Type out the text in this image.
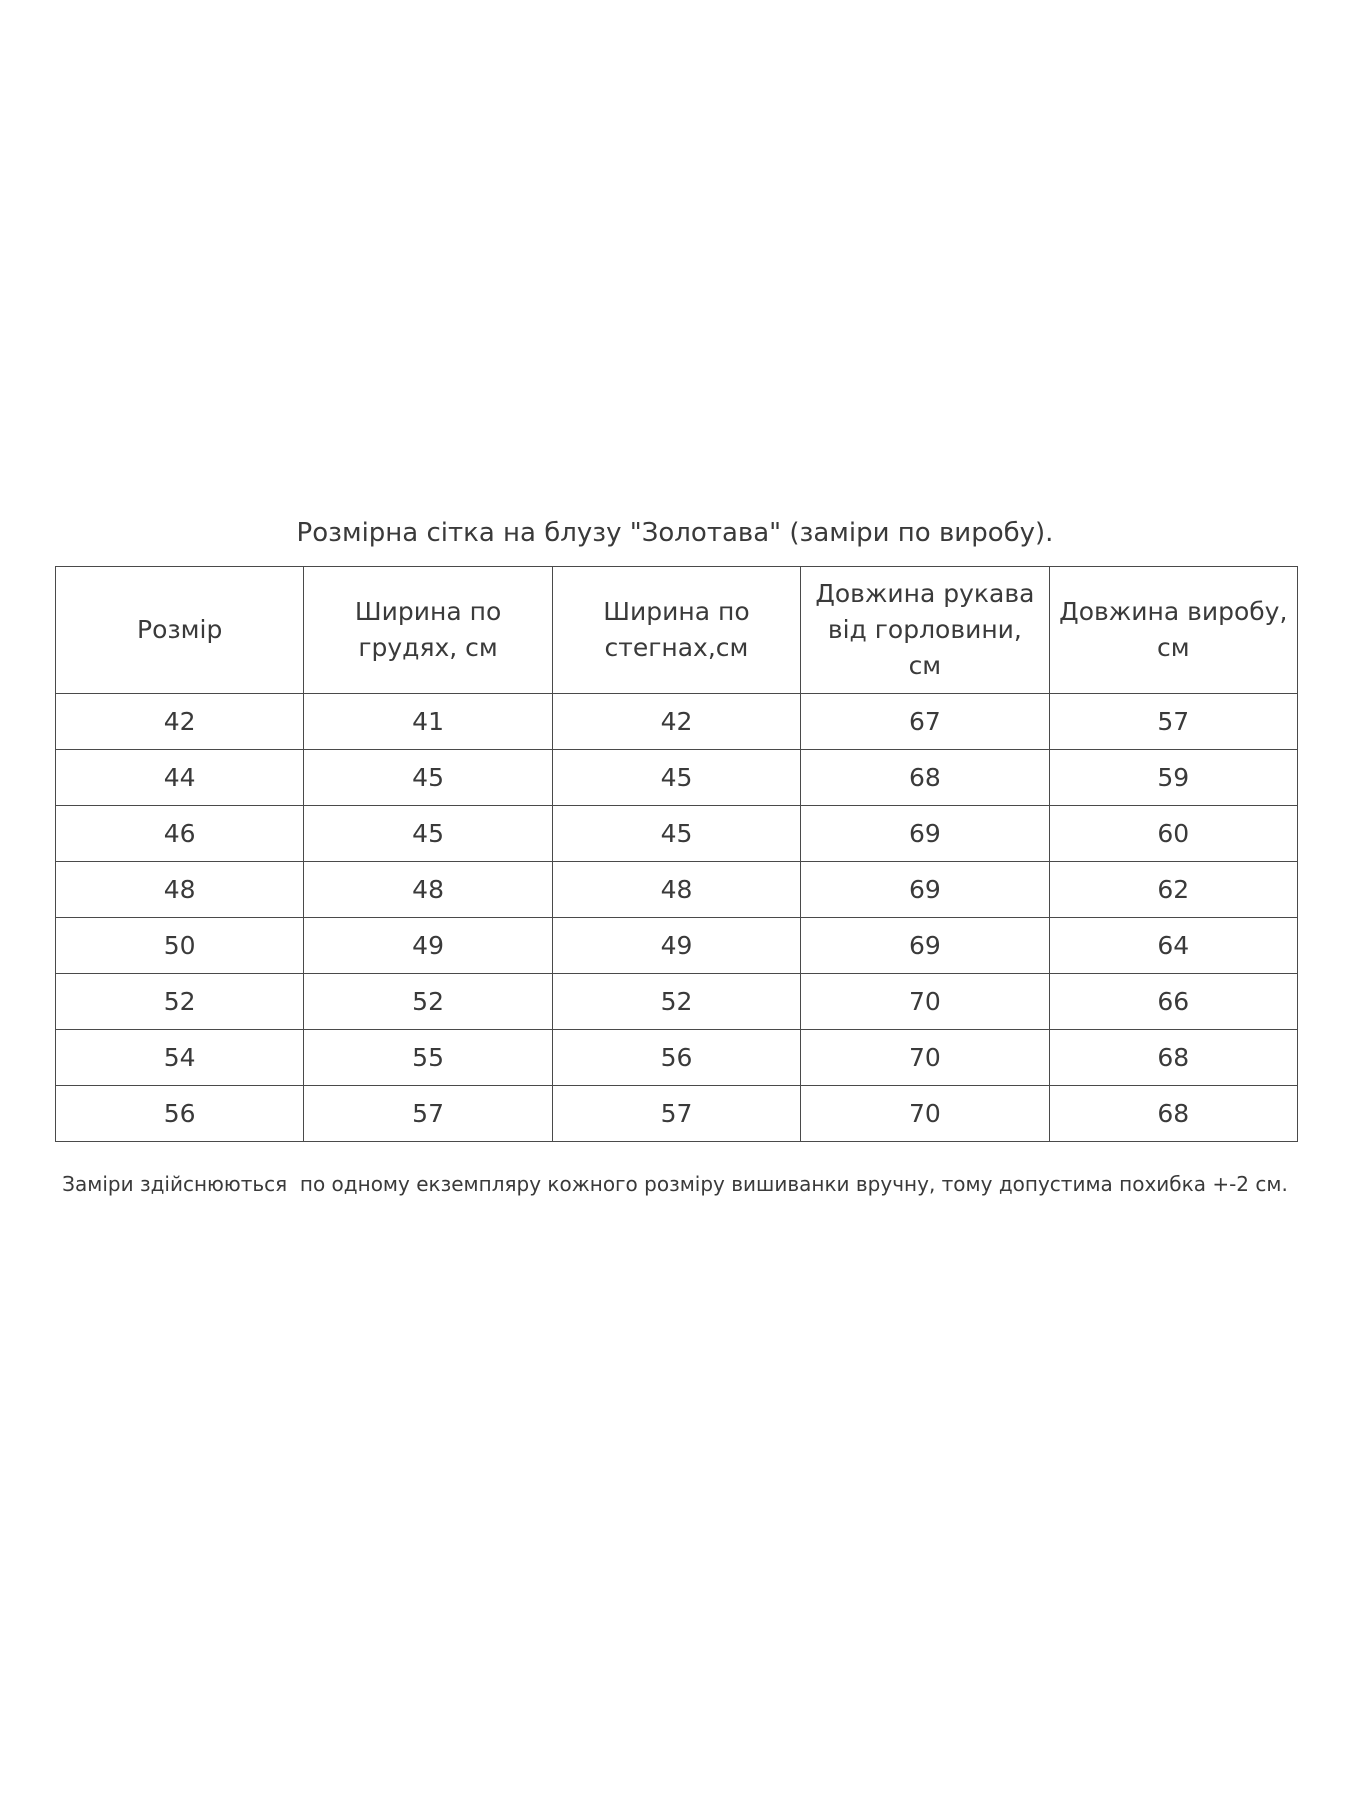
Розмірна сітка на блузу "Золотава" (заміри по виробу).
Розмір	Ширина по грудях, см	Ширина по стегнах,см	Довжина рукава від горловини, см	Довжина виробу, см
42	41	42	67	57
44	45	45	68	59
46	45	45	69	60
48	48	48	69	62
50	49	49	69	64
52	52	52	70	66
54	55	56	70	68
56	57	57	70	68
Заміри здійснюються  по одному екземпляру кожного розміру вишиванки вручну, тому допустима похибка +-2 см.
